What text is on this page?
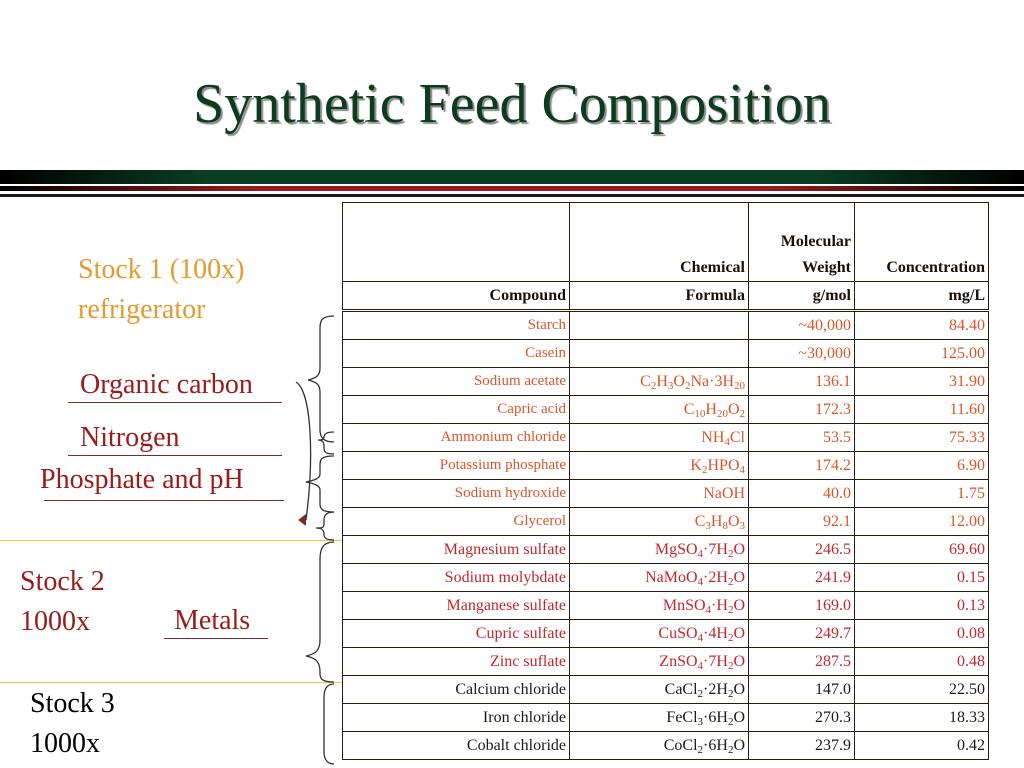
Synthetic Feed Composition
Stock 1 (100x)
refrigerator
Organic carbon
Nitrogen
Phosphate and pH
Stock 2
1000x	Metals
Stock 3
1000x
	Chemical	Molecular Weight	Concentration
Compound	Formula	g/mol	mg/L
Starch		~40,000	84.40
Casein		~30,000	125.00
Sodium acetate	$C_2H_3O_2Na\cdot 3H_{20}$	136.1	31.90
Capric acid	$C_{10}H_{20}O_2$	172.3	11.60
Ammonium chloride	$NH_4Cl$	53.5	75.33
Potassium phosphate	$K_2HPO_4$	174.2	6.90
Sodium hydroxide	NaOH	40.0	1.75
Glycerol	$C_3H_8O_3$	92.1	12.00
Magnesium sulfate	$MgSO_4\cdot 7H_2O$	246.5	69.60
Sodium molybdate	$NaMoO_4\cdot 2H_2O$	241.9	0.15
Manganese sulfate	$MnSO_4\cdot H_2O$	169.0	0.13
Cupric sulfate	$CuSO_4\cdot 4H_2O$	249.7	0.08
Zinc suflate	$ZnSO_4\cdot 7H_2O$	287.5	0.48
Calcium chloride	$CaCl_2\cdot 2H_2O$	147.0	22.50
Iron chloride	$FeCl_3\cdot 6H_2O$	270.3	18.33
Cobalt chloride	$CoCl_2\cdot 6H_2O$	237.9	0.42
